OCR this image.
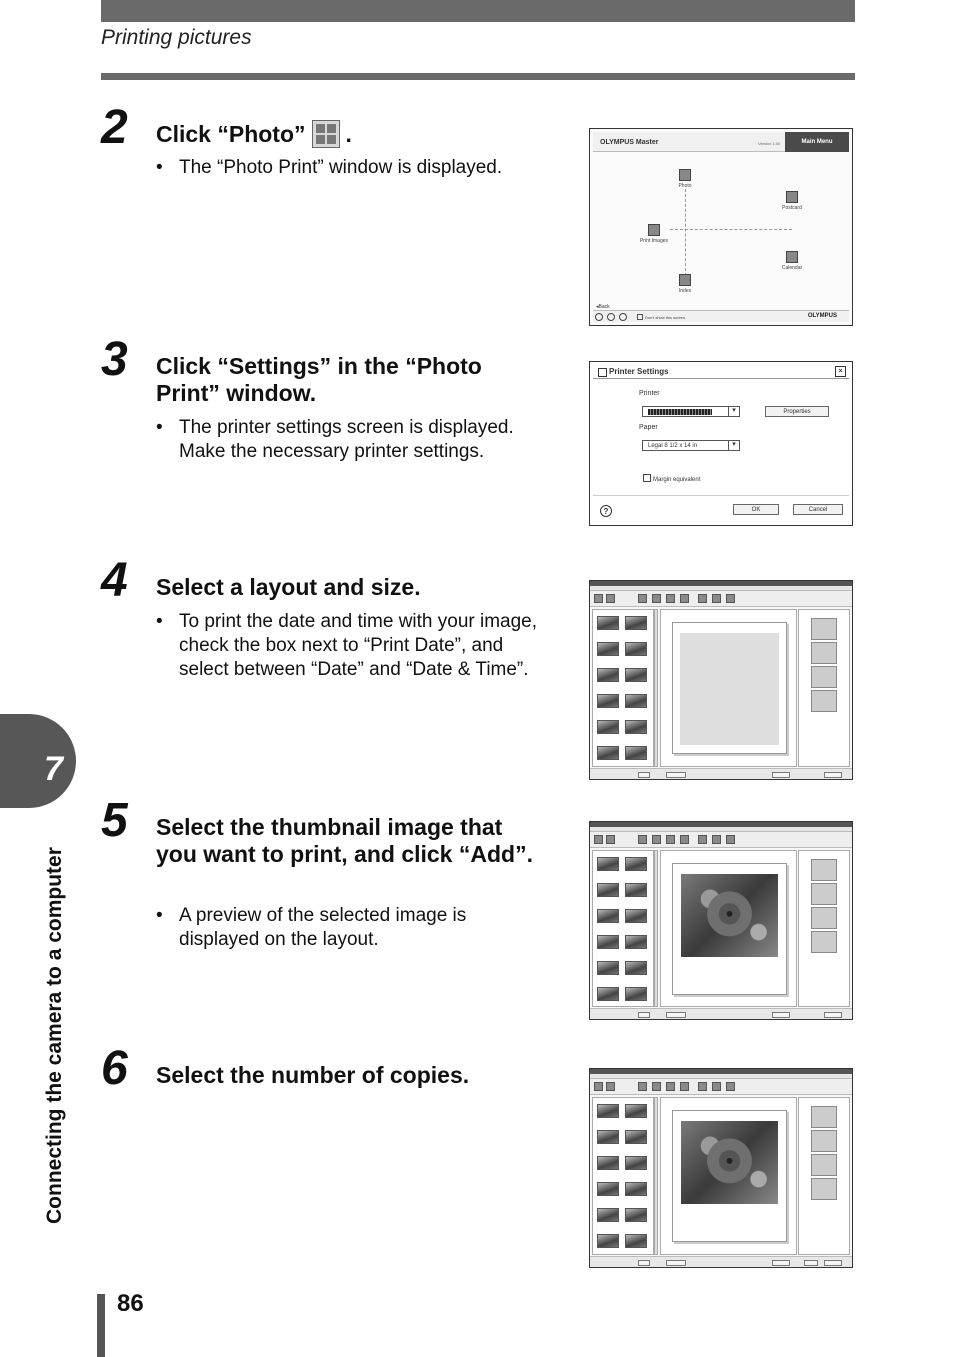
Printing pictures
7
Connecting the camera to a computer
2 Click “Photo” .
• The “Photo Print” window is displayed.
OLYMPUS Master	Version 1.00	Main Menu
Photo
Postcard
Print Images
Calendar
Index
◂Back
Don't show this screen.	OLYMPUS
3 Click “Settings” in the “Photo Print” window.
• The printer settings screen is displayed. Make the necessary printer settings.
Printer Settings	×
Printer
▾
Properties
Paper
Legal 8 1/2 x 14 in ▾
Margin equivalent
?	OK	Cancel
4 Select a layout and size.
• To print the date and time with your image, check the box next to “Print Date”, and select between “Date” and “Date & Time”.
5 Select the thumbnail image that you want to print, and click “Add”.
• A preview of the selected image is displayed on the layout.
6 Select the number of copies.
86
